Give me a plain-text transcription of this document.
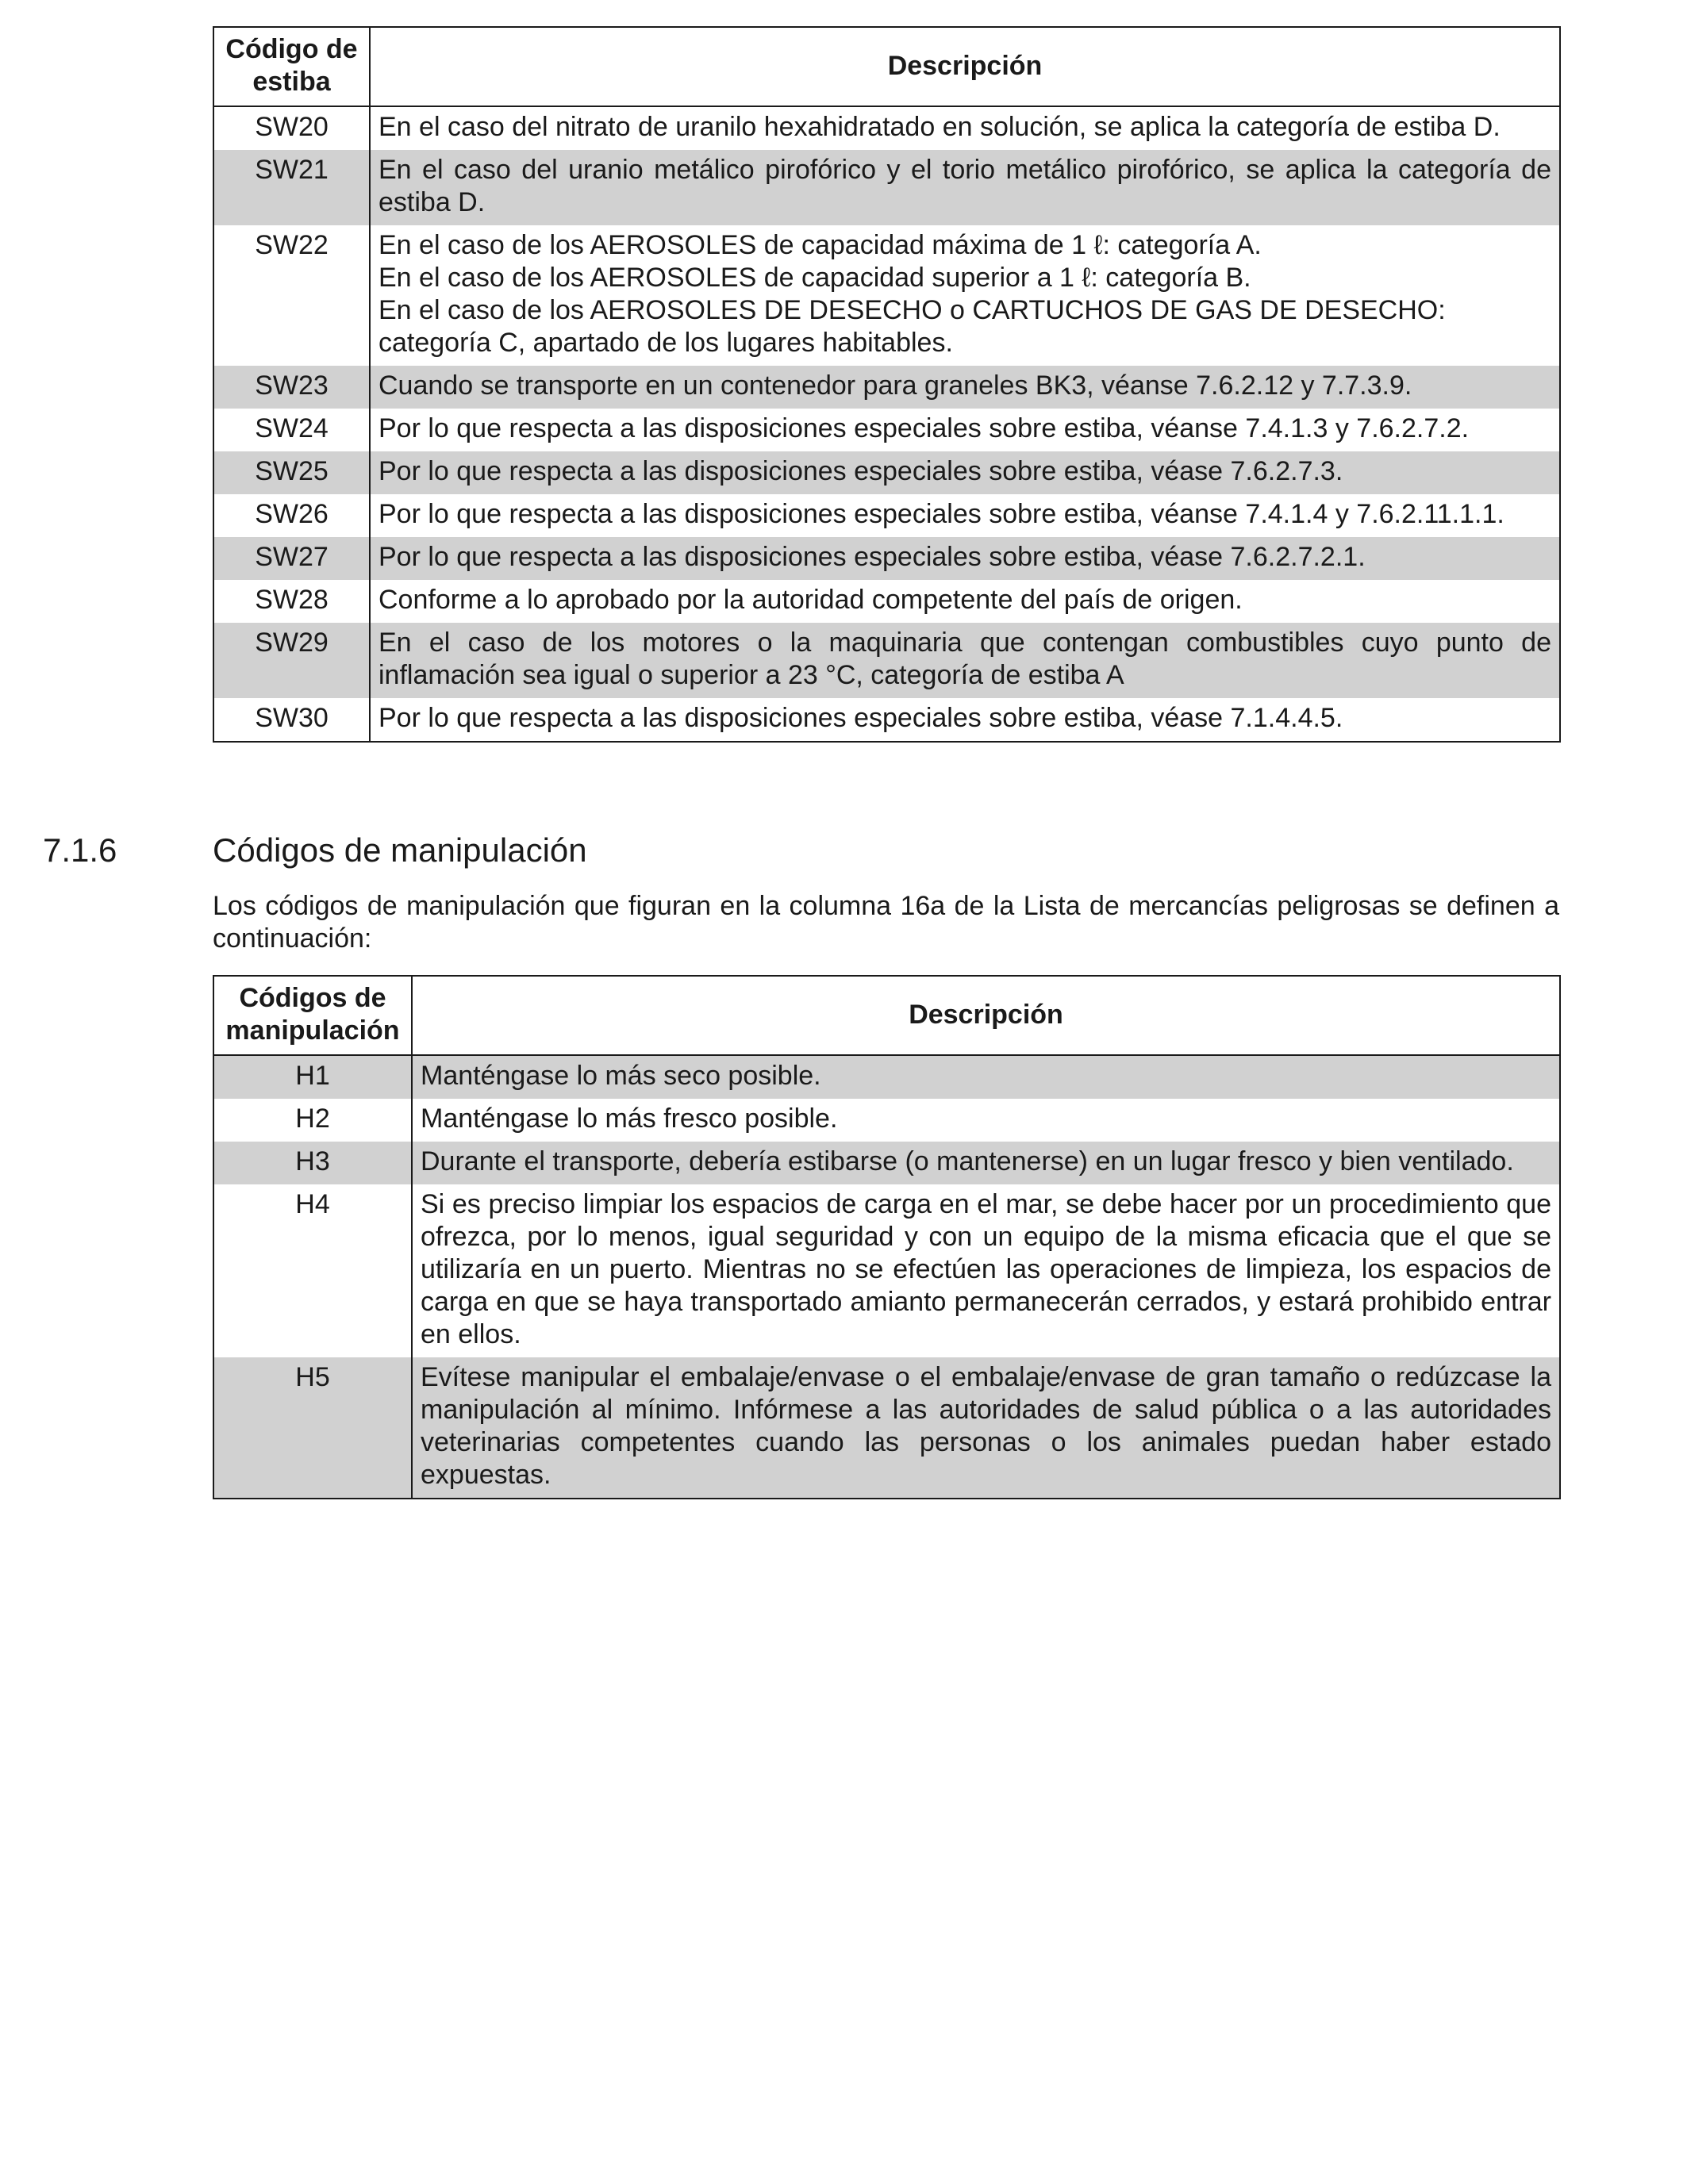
Código de estiba	Descripción
SW20	En el caso del nitrato de uranilo hexahidratado en solución, se aplica la categoría de estiba D.

SW21	En el caso del uranio metálico pirofórico y el torio metálico pirofórico, se aplica la categoría de estiba D.

SW22	En el caso de los AEROSOLES de capacidad máxima de 1 ℓ: categoría A.
En el caso de los AEROSOLES de capacidad superior a 1 ℓ: categoría B.
En el caso de los AEROSOLES DE DESECHO o CARTUCHOS DE GAS DE DESECHO: categoría C, apartado de los lugares habitables.

SW23	Cuando se transporte en un contenedor para graneles BK3, véanse 7.6.2.12 y 7.7.3.9.

SW24	Por lo que respecta a las disposiciones especiales sobre estiba, véanse 7.4.1.3 y 7.6.2.7.2.

SW25	Por lo que respecta a las disposiciones especiales sobre estiba, véase 7.6.2.7.3.

SW26	Por lo que respecta a las disposiciones especiales sobre estiba, véanse 7.4.1.4 y 7.6.2.11.1.1.

SW27	Por lo que respecta a las disposiciones especiales sobre estiba, véase 7.6.2.7.2.1.

SW28	Conforme a lo aprobado por la autoridad competente del país de origen.

SW29	En el caso de los motores o la maquinaria que contengan combustibles cuyo punto de inflamación sea igual o superior a 23 °C, categoría de estiba A

SW30	Por lo que respecta a las disposiciones especiales sobre estiba, véase 7.1.4.4.5.
7.1.6	Códigos de manipulación
Los códigos de manipulación que figuran en la columna 16a de la Lista de mercancías peligrosas se definen a continuación:
Códigos de manipulación	Descripción
H1	Manténgase lo más seco posible.
H2	Manténgase lo más fresco posible.
H3	Durante el transporte, debería estibarse (o mantenerse) en un lugar fresco y bien ventilado.
H4	Si es preciso limpiar los espacios de carga en el mar, se debe hacer por un procedimiento que ofrezca, por lo menos, igual seguridad y con un equipo de la misma eficacia que el que se utilizaría en un puerto. Mientras no se efectúen las operaciones de limpieza, los espacios de carga en que se haya transportado amianto permanecerán cerrados, y estará prohibido entrar en ellos.
H5	Evítese manipular el embalaje/envase o el embalaje/envase de gran tamaño o redúzcase la manipulación al mínimo. Infórmese a las autoridades de salud pública o a las autoridades veterinarias competentes cuando las personas o los animales puedan haber estado expuestas.
